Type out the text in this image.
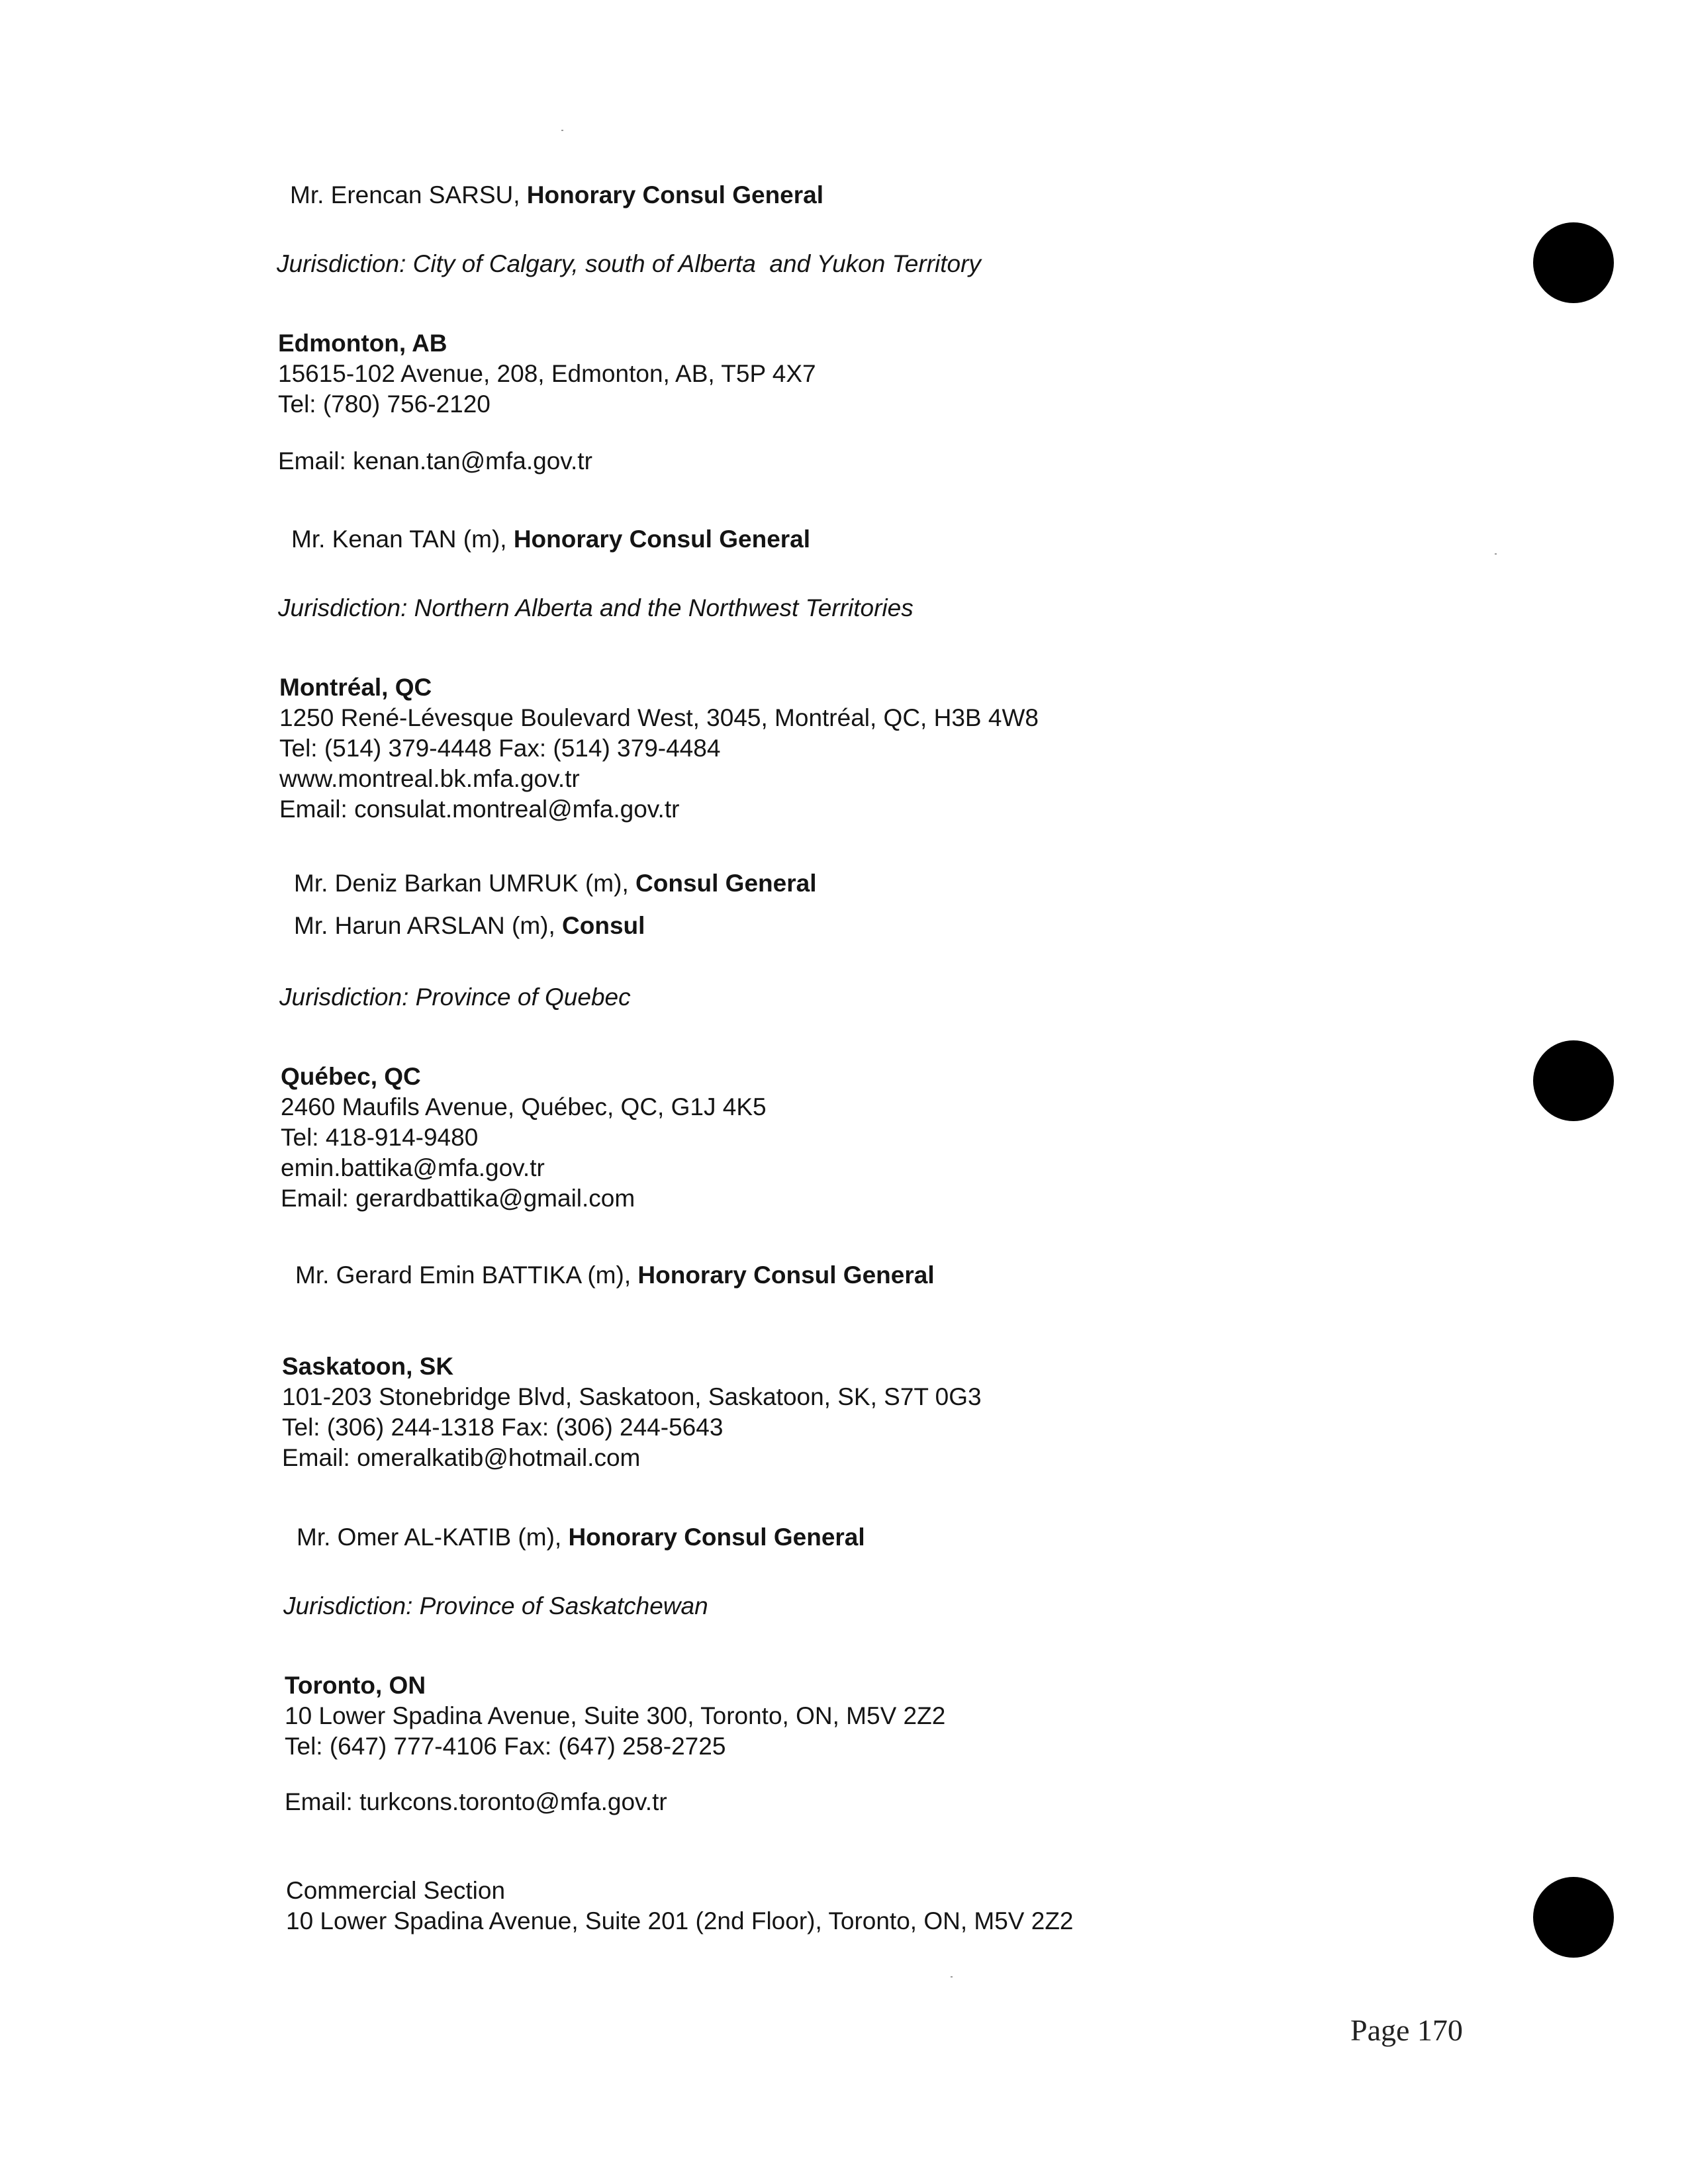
Mr. Erencan SARSU, Honorary Consul General
Jurisdiction: City of Calgary, south of Alberta  and Yukon Territory
Edmonton, AB
15615-102 Avenue, 208, Edmonton, AB, T5P 4X7
Tel: (780) 756-2120
Email: kenan.tan@mfa.gov.tr
Mr. Kenan TAN (m), Honorary Consul General
Jurisdiction: Northern Alberta and the Northwest Territories
Montréal, QC
1250 René-Lévesque Boulevard West, 3045, Montréal, QC, H3B 4W8
Tel: (514) 379-4448 Fax: (514) 379-4484
www.montreal.bk.mfa.gov.tr
Email: consulat.montreal@mfa.gov.tr
Mr. Deniz Barkan UMRUK (m), Consul General
Mr. Harun ARSLAN (m), Consul
Jurisdiction: Province of Quebec
Québec, QC
2460 Maufils Avenue, Québec, QC, G1J 4K5
Tel: 418-914-9480
emin.battika@mfa.gov.tr
Email: gerardbattika@gmail.com
Mr. Gerard Emin BATTIKA (m), Honorary Consul General
Saskatoon, SK
101-203 Stonebridge Blvd, Saskatoon, Saskatoon, SK, S7T 0G3
Tel: (306) 244-1318 Fax: (306) 244-5643
Email: omeralkatib@hotmail.com
Mr. Omer AL-KATIB (m), Honorary Consul General
Jurisdiction: Province of Saskatchewan
Toronto, ON
10 Lower Spadina Avenue, Suite 300, Toronto, ON, M5V 2Z2
Tel: (647) 777-4106 Fax: (647) 258-2725
Email: turkcons.toronto@mfa.gov.tr
Commercial Section
10 Lower Spadina Avenue, Suite 201 (2nd Floor), Toronto, ON, M5V 2Z2
Page 170
